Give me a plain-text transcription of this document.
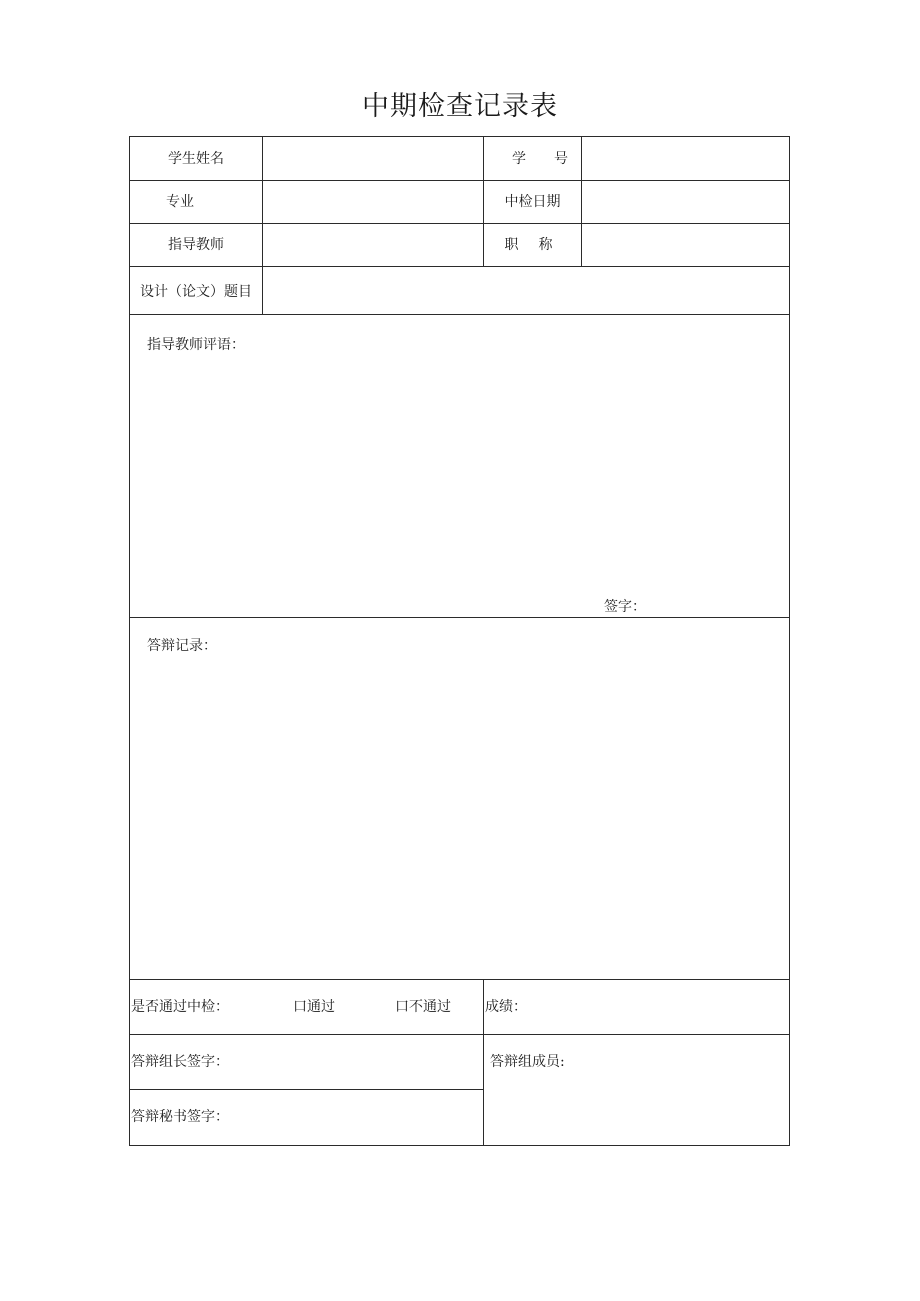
中期检查记录表
学生姓名	学号
专业	中检日期
指导教师	职称
设计（论文）题目
指导教师评语：
签字：
答辩记录：
是否通过中检：	口通过	口不通过 成绩：
答辩组长签字：	答辩组成员:
答辩秘书签字：
